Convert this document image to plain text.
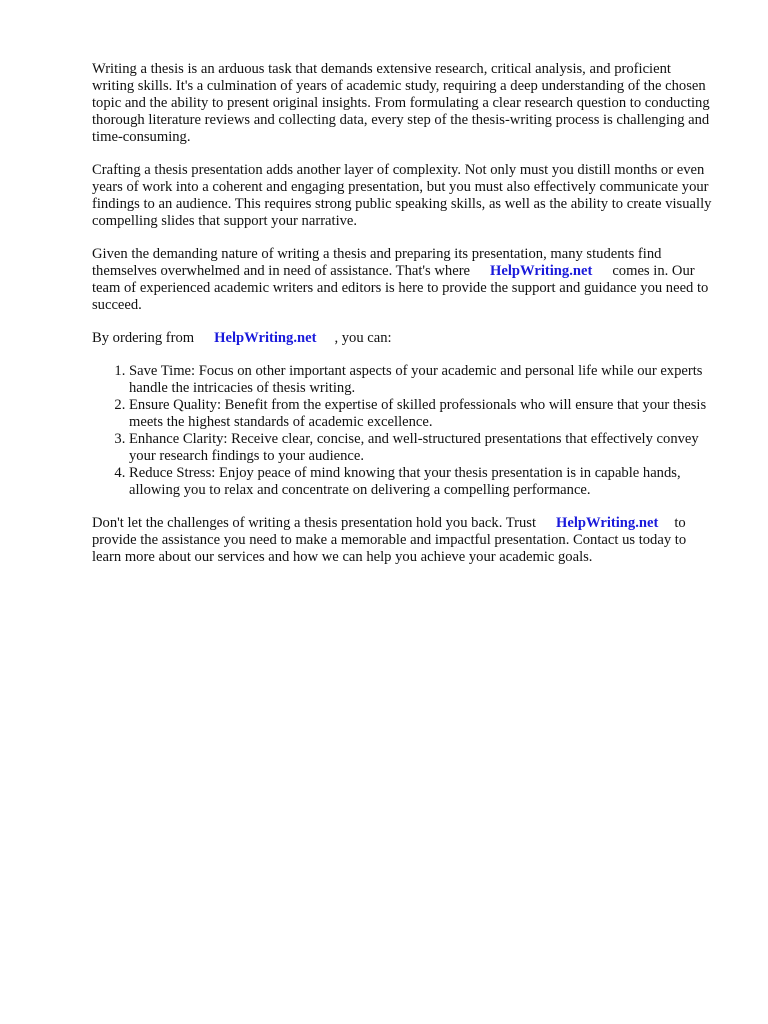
Writing a thesis is an arduous task that demands extensive research, critical analysis, and proficient writing skills. It's a culmination of years of academic study, requiring a deep understanding of the chosen topic and the ability to present original insights. From formulating a clear research question to conducting thorough literature reviews and collecting data, every step of the thesis-writing process is challenging and time-consuming.

Crafting a thesis presentation adds another layer of complexity. Not only must you distill months or even years of work into a coherent and engaging presentation, but you must also effectively communicate your findings to an audience. This requires strong public speaking skills, as well as the ability to create visually compelling slides that support your narrative.

Given the demanding nature of writing a thesis and preparing its presentation, many students find themselves overwhelmed and in need of assistance. That's where HelpWriting.net comes in. Our team of experienced academic writers and editors is here to provide the support and guidance you need to succeed.

By ordering from HelpWriting.net , you can:

1. Save Time: Focus on other important aspects of your academic and personal life while our experts handle the intricacies of thesis writing.
2. Ensure Quality: Benefit from the expertise of skilled professionals who will ensure that your thesis meets the highest standards of academic excellence.
3. Enhance Clarity: Receive clear, concise, and well-structured presentations that effectively convey your research findings to your audience.
4. Reduce Stress: Enjoy peace of mind knowing that your thesis presentation is in capable hands, allowing you to relax and concentrate on delivering a compelling performance.

Don't let the challenges of writing a thesis presentation hold you back. Trust HelpWriting.net to provide the assistance you need to make a memorable and impactful presentation. Contact us today to learn more about our services and how we can help you achieve your academic goals.
